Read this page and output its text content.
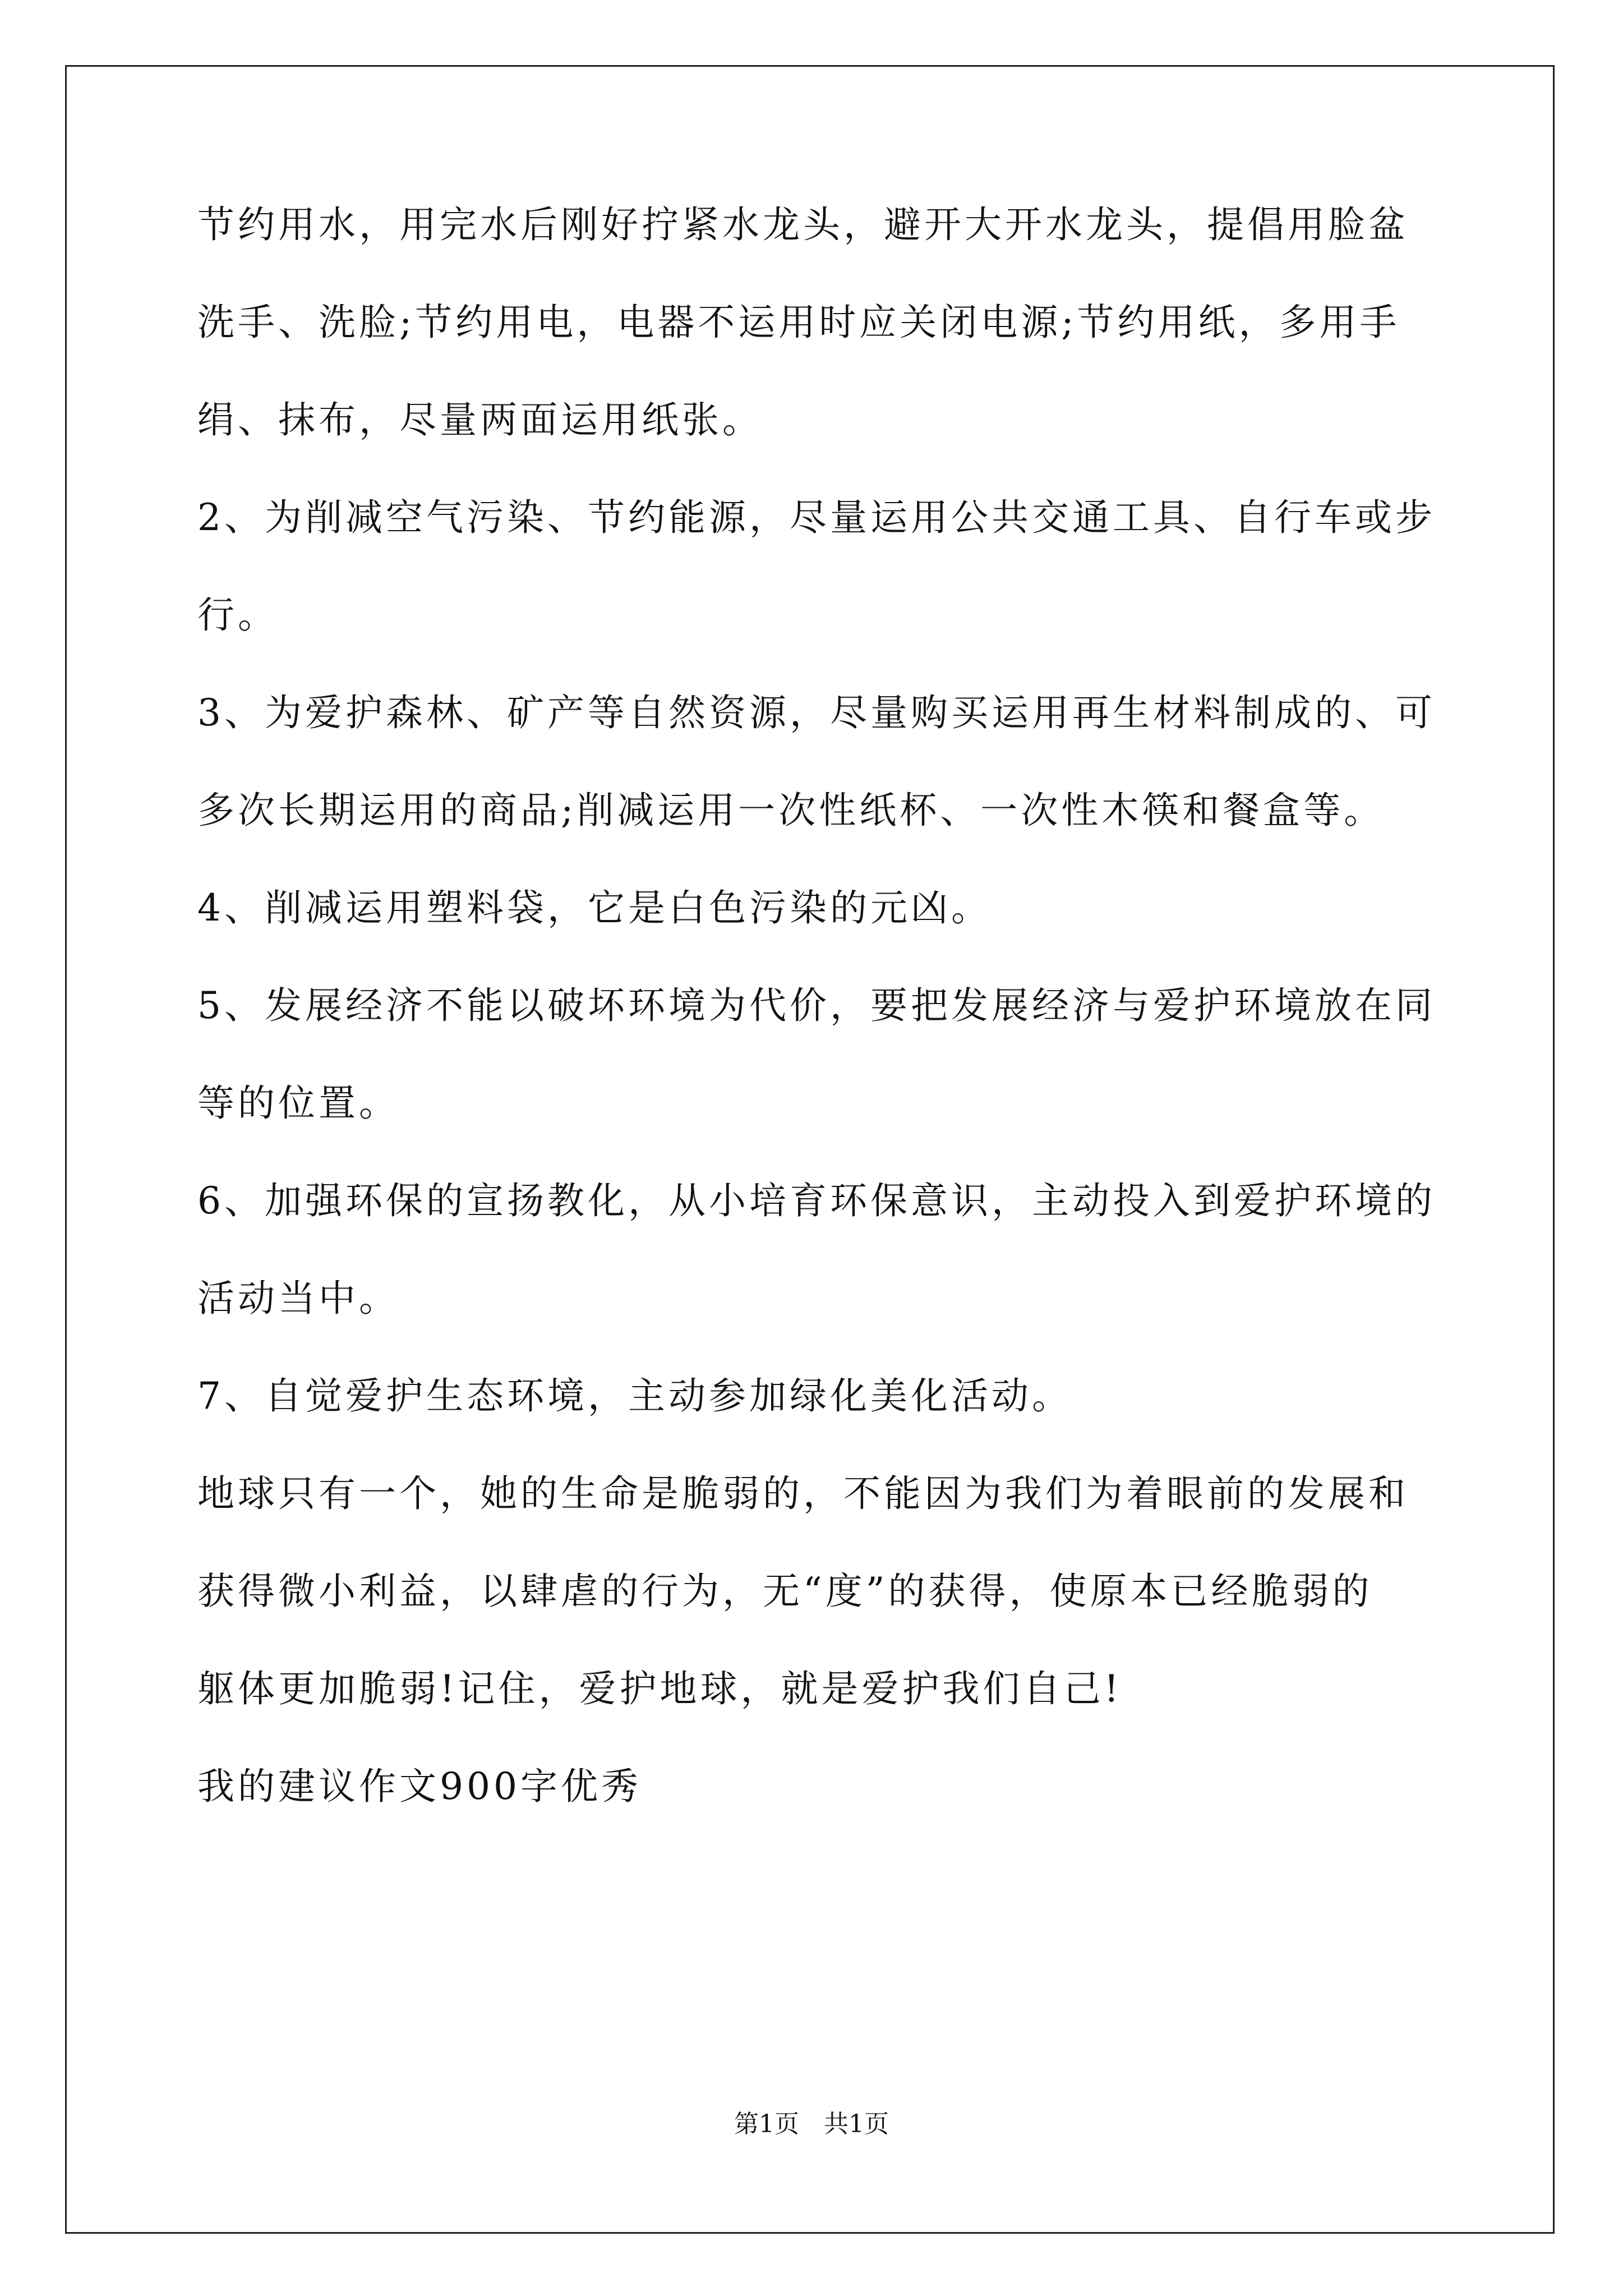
节约用水，用完水后刚好拧紧水龙头，避开大开水龙头，提倡用脸盆
洗手、洗脸;节约用电，电器不运用时应关闭电源;节约用纸，多用手
绢、抹布，尽量两面运用纸张。
2、为削减空气污染、节约能源，尽量运用公共交通工具、自行车或步
行。
3、为爱护森林、矿产等自然资源，尽量购买运用再生材料制成的、可
多次长期运用的商品;削减运用一次性纸杯、一次性木筷和餐盒等。
4、削减运用塑料袋，它是白色污染的元凶。
5、发展经济不能以破坏环境为代价，要把发展经济与爱护环境放在同
等的位置。
6、加强环保的宣扬教化，从小培育环保意识，主动投入到爱护环境的
活动当中。
7、自觉爱护生态环境，主动参加绿化美化活动。
地球只有一个，她的生命是脆弱的，不能因为我们为着眼前的发展和
获得微小利益，以肆虐的行为，无“度”的获得，使原本已经脆弱的
躯体更加脆弱!记住，爱护地球，就是爱护我们自己!
我的建议作文900字优秀
第1页　共1页
